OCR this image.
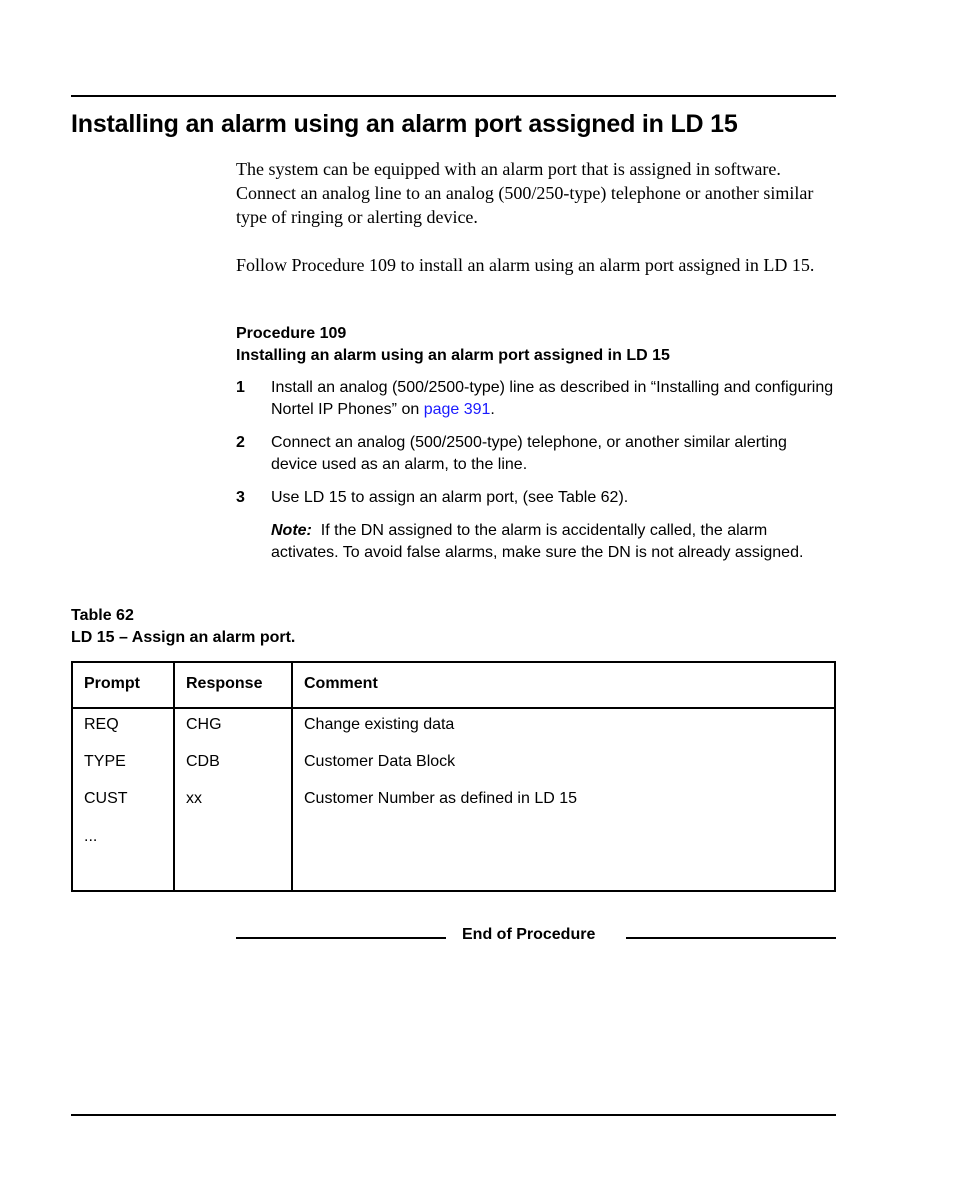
Installing an alarm using an alarm port assigned in LD 15

The system can be equipped with an alarm port that is assigned in software. Connect an analog line to an analog (500/250-type) telephone or another similar type of ringing or alerting device.

Follow Procedure 109 to install an alarm using an alarm port assigned in LD 15.

Procedure 109
Installing an alarm using an alarm port assigned in LD 15
1 Install an analog (500/2500-type) line as described in “Installing and configuring Nortel IP Phones” on page 391.
2 Connect an analog (500/2500-type) telephone, or another similar alerting device used as an alarm, to the line.
3 Use LD 15 to assign an alarm port, (see Table 62).
Note: If the DN assigned to the alarm is accidentally called, the alarm activates. To avoid false alarms, make sure the DN is not already assigned.
Table 62
LD 15 – Assign an alarm port.
Prompt	Response	Comment
REQ	CHG	Change existing data
TYPE	CDB	Customer Data Block
CUST	xx	Customer Number as defined in LD 15
...
End of Procedure
